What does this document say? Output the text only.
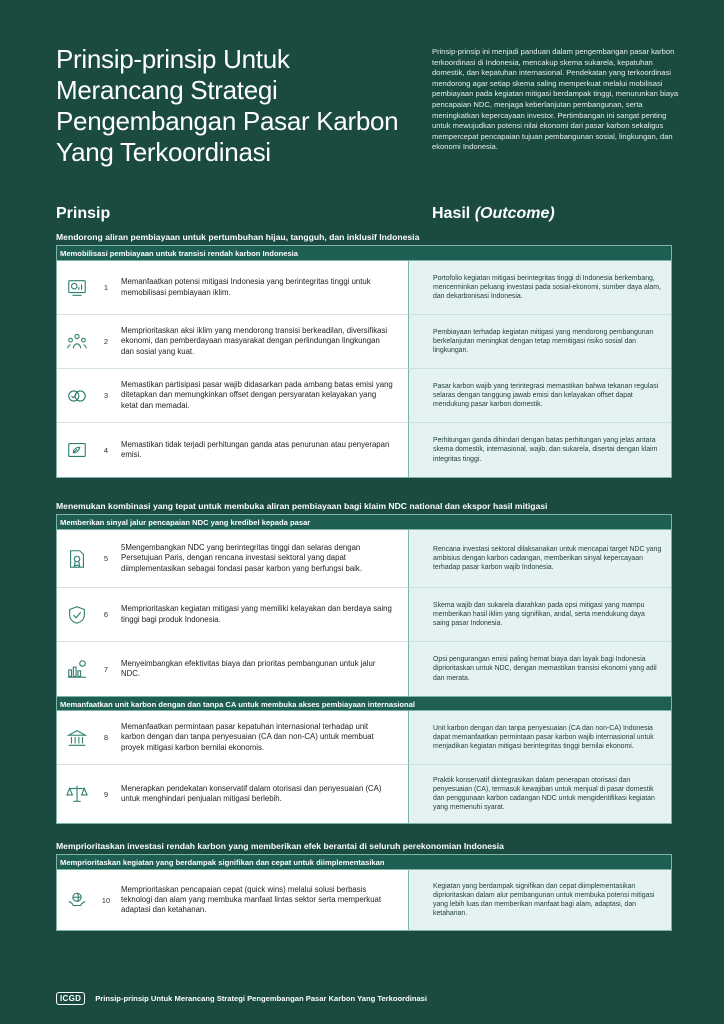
Prinsip-prinsip Untuk Merancang Strategi Pengembangan Pasar Karbon Yang Terkoordinasi
Prinsip-prinsip ini menjadi panduan dalam pengembangan pasar karbon terkoordinasi di Indonesia, mencakup skema sukarela, kepatuhan domestik, dan kepatuhan internasional. Pendekatan yang terkoordinasi mendorong agar setiap skema saling memperkuat melalui mobilisasi pembiayaan pada kegiatan mitigasi berdampak tinggi, menurunkan biaya pencapaian NDC, menjaga keberlanjutan pembangunan, serta meningkatkan kepercayaan investor. Pertimbangan ini sangat penting untuk mewujudkan potensi nilai ekonomi dari pasar karbon sekaligus mempercepat pencapaian tujuan pembangunan sosial, lingkungan, dan ekonomi Indonesia.
Prinsip	Hasil (Outcome)
Mendorong aliran pembiayaan untuk pertumbuhan hijau, tangguh, dan inklusif Indonesia
Memobilisasi pembiayaan untuk transisi rendah karbon Indonesia
1
Memanfaatkan potensi mitigasi Indonesia yang berintegritas tinggi untuk memobilisasi pembiayaan iklim.
Portofolio kegiatan mitigasi berintegritas tinggi di Indonesia berkembang, mencerminkan peluang investasi pada sosial-ekonomi, sumber daya alam, dan dekarbonisasi Indonesia.
2
Memprioritaskan aksi iklim yang mendorong transisi berkeadilan, diversifikasi ekonomi, dan pemberdayaan masyarakat dengan perlindungan lingkungan dan sosial yang kuat.
Pembiayaan terhadap kegiatan mitigasi yang mendorong pembangunan berkelanjutan meningkat dengan tetap memitigasi risiko sosial dan lingkungan.
3
Memastikan partisipasi pasar wajib didasarkan pada ambang batas emisi yang ditetapkan dan memungkinkan offset dengan persyaratan kelayakan yang ketat dan memadai.
Pasar karbon wajib yang terintegrasi memastikan bahwa tekanan regulasi selaras dengan tanggung jawab emisi dan kelayakan offset dapat mendukung pasar karbon domestik.
4
Memastikan tidak terjadi perhitungan ganda atas penurunan atau penyerapan emisi.
Perhitungan ganda dihindari dengan batas perhitungan yang jelas antara skema domestik, internasional, wajib, dan sukarela, disertai dengan klaim integritas tinggi.
Menemukan kombinasi yang tepat untuk membuka aliran pembiayaan bagi klaim NDC national dan ekspor hasil mitigasi
Memberikan sinyal jalur pencapaian NDC yang kredibel kepada pasar
5
5Mengembangkan NDC yang berintegritas tinggi dan selaras dengan Persetujuan Paris, dengan rencana investasi sektoral yang dapat diimplementasikan sebagai fondasi pasar karbon yang berfungsi baik.
Rencana investasi sektoral dilaksanakan untuk mencapai target NDC yang ambisius dengan karbon cadangan, memberikan sinyal kepercayaan terhadap pasar karbon wajib Indonesia.
6
Memprioritaskan kegiatan mitigasi yang memiliki kelayakan dan berdaya saing tinggi bagi produk Indonesia.
Skema wajib dan sukarela diarahkan pada opsi mitigasi yang mampu memberikan hasil iklim yang signifikan, andal, serta mendukung daya saing pasar Indonesia.
7
Menyeimbangkan efektivitas biaya dan prioritas pembangunan untuk jalur NDC.
Opsi pengurangan emisi paling hemat biaya dan layak bagi Indonesia diprioritaskan untuk NDC, dengan memastikan transisi ekonomi yang adil dan merata.
Memanfaatkan unit karbon dengan dan tanpa CA untuk membuka akses pembiayaan internasional
8
Memanfaatkan permintaan pasar kepatuhan internasional terhadap unit karbon dengan dan tanpa penyesuaian (CA dan non-CA) untuk membuat proyek mitigasi karbon bernilai ekonomis.
Unit karbon dengan dan tanpa penyesuaian (CA dan non-CA) Indonesia dapat memanfaatkan permintaan pasar karbon wajib internasional untuk menjadikan kegiatan mitigasi berintegritas tinggi bernilai ekonomi.
9
Menerapkan pendekatan konservatif dalam otorisasi dan penyesuaian (CA) untuk menghindari penjualan mitigasi berlebih.
Praktik konservatif diintegrasikan dalam penerapan otorisasi dan penyesuaian (CA), termasuk kewajiban untuk menjual di pasar domestik dan penggunaan karbon cadangan NDC untuk mengidentifikasi kegiatan yang memenuhi syarat.
Memprioritaskan investasi rendah karbon yang memberikan efek berantai di seluruh perekonomian Indonesia
Memprioritaskan kegiatan yang berdampak signifikan dan cepat untuk diimplementasikan
10
Memprioritaskan pencapaian cepat (quick wins) melalui solusi berbasis teknologi dan alam yang membuka manfaat lintas sektor serta memperkuat adaptasi dan ketahanan.
Kegiatan yang berdampak signifikan dan cepat diimplementasikan diprioritaskan dalam alur pembangunan untuk membuka potensi mitigasi yang lebih luas dan memberikan manfaat bagi alam, adaptasi, dan ketahanan.
ICGD	Prinsip-prinsip Untuk Merancang Strategi Pengembangan Pasar Karbon Yang Terkoordinasi
